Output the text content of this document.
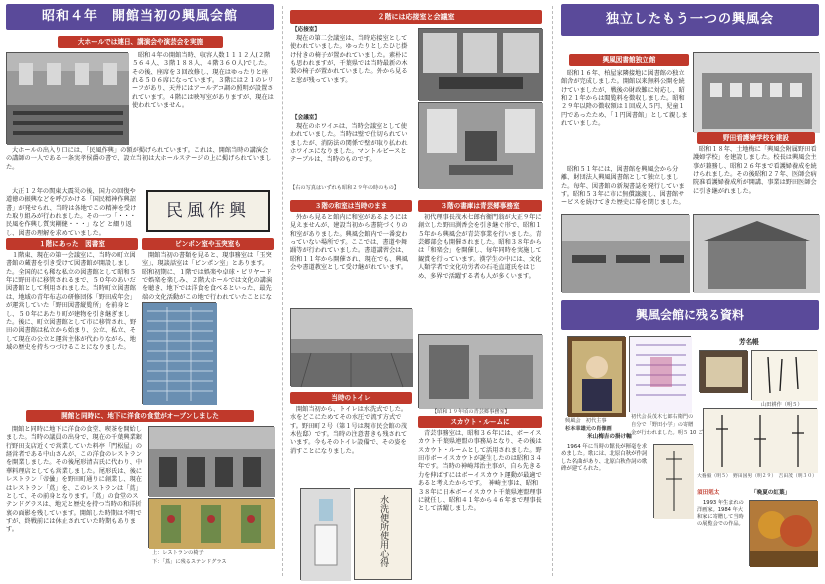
昭和４年　開館当初の興風会館
大ホールでは連日、講演会や演芸会を実施
昭和４年の開館当時、収容人数１１１２人(２階５６４人、３階１８８人、４階３６０人)でした。その後、座席を３回改修し、現在はゆったりと座れる５０６席になっています。３階には２１のレリーフがあり、天井にはアールデコ調の照明が設置されています。４階には映写室がありますが、現在は使われていません。
大ホールの出入り口には、「民風作興」の額が掲げられています。これは、開館当時の講演会の講師の一人である一条実孝侯爵の書で、設立当初は大ホールステージの上に掲げられていました。
大正１２年の関東大震災の後、国力の回復や道徳の振興などを呼びかける「国民精神作興詔書」が発せられ、当時は各地でこの精神を受けた取り組みが行われました。その一つ「・・・民風を作興し質実剛健・・・」など と綴り返し、図書の理解を求めていました。
民風作興
１階にあった　図書室	ピンポン室や玉突室も
１階東、現在の第一会議室に、当時の町立図書館の蔵書を引き受けて図書館が開設しました。全国的にも稀な私立の図書館として昭和５年に野田市に移管されるまで、５０年のあいだ図書館として利用されました。当時町立図書館は、地域の青年布志の研修団体「野田成年会」が運営していた「野田図書縦覧所」を前身とし、５０年にあたり町が建物を引き継ぎました。後に、町立図書館として市に移管され、野田の図書館は私立から始まり、公立、私立、そして現在の公立と運営主体が代わりながら、地域の歴史を持ちつづけることになりました。
開館当初の書類を見ると、現事務室は「玉突室」、現談話室は「ピンポン室」とあります。昭和初期に、１階では娯楽や卓球・ビリヤードで娯楽を楽しみ、２階大ホールでは文化の講演を聴き、地下では洋食を食べるといった、最先端の文化活動がこの地で行われていたことにな
開館と同時に、地下に洋食の食堂がオープンしました
開館と同時に地下に洋食の食堂、喫茶を開始しました。当時の議員の出身で、現在の千葉興業銀行野田支店近くで営業していた料亭「門松屋」の経営者である中山さんが、この洋食のレストランを開業しました。その後尾形清吉氏に代わり、中華料理店としても営業しました。尾形氏は、後にレストラン「帝曇」を野田町通りに創業し、現在はレストラン「蔦」を、このレストランは「蔦」として、その前身となります。「蔦」の食堂のステンドグラスは、地元と歴史を持つ当時の和洋折衷の面影を残しています。開館した時期は不明ですが、終戦前には休止されていた時期もあります。
上：レストランの椅子
下：「蔦」に残るステンドグラス
２階には応接室と会議室
【応接室】
現在の第二会議室は、当時応接室として使われていました。ゆったりとしたひじ掛け付きの椅子が置かれていました。素朴にも思われますが、千葉県では当時最新の木製の椅子が置かれていました。外から見ると窓が残っています。
【会議室】
現在のホワイエは、当時会議室として使われていました。当時は壁で仕切られていましたが、消防法の関係で壁が取り払われホワイエになりました。マントルピースとテーブルは、当時のものです。
【右の写真はいずれも昭和２９年の時のもの】
３階の和室は当時のまま	３階の書庫は青芸郷事務室
外から見ると館内に和室があるようには見えませんが、建設当初から書院づくりの和室がありました。興風会館内で一番変わっていない場所です。ここでは、書道や舞踊等が行われていました。書道講習会は、昭和１１年から開催され、現在でも、興風会や書道教室として受け継がれています。
初代理事長茂木七郎右衛門翁が大正９年に創立した野田渕香会を引き継ぐ形で、昭和１５年から興風会が青芸事業を行いました。青芸郷部会も開催されました。昭和３８年からは「和楽会」を開催し、毎年同時を実施して観賞を行っています。漢学生の中には、文化人類学者で文化功労者の石毛直道氏をはじめ、多界で活躍する者も人が多くいます。
【昭和１９年頃の青芸郷事務室】
当時のトイレ
開館当初から、トイレは水洗式でした。水をどこにためてその水圧で流す方式です。野田町２号（第１号は現市民会館の茂木佐邸）です。当時の注意書きも残されています。今もそのトイレ設備で、その姿を消すことになりました。
水洗便所使用心得
スカウト・ルームに
青芸事務室は、昭和３６年には、ボーイスカウト千葉県連盟の事務局となり、その後はスカウト・ルームとして活用されました。野田市ボーイスカウトが誕生したのは昭和３４年です。当時の神崎邦治主事が、自ら先きる力を伸ばすにはボーイスカウト運動が最適であると考えたからです。　神崎主事は、昭和３８年に日本ボーイスカウト千葉県連盟理事に就任し、昭和４１年から４６年まで理事長として活躍しました。
独立したもう一つの興風会
興風図書館独立館
昭和１６年、柏屋家隣接地に図書館の独立館舎が完成しました。開館以来無料公開を続けていましたが、戦後の財政難に対応し、昭和２１年からは閲覧料を徴収しました。昭和２９年以降の徴収額は１回成人５円、児童１円であったため、「１円図書館」として親しまれていました。
野田看護婦学校を建設
昭和５１年には、図書館を興風会から分離、財団法人興風図書館として独立しました。毎年、図書館の新規書誌を発行しています。昭和５３年に市に無償譲渡し、図書館サービスを続けてきた歴史に幕を閉じました。
昭和１８年、土地梅に「興風会附属野田看護婦学校」を建設しました。校長は興風会主事が兼務し、昭和２６年まで看護婦養成を続けられました。その後昭和２７年、医師会病院准看護婦養成所が開講、事業は野田医師会に引き継がれました。
興風会館に残る資料
興風会　初代主事
杉本幸雄元の肖像画
初代会長茂木七郎右衛門の
自分で「野田小学」の寄贈
金が行われました。明５ 10 ご
芳名帳
山田耕作（明５）
米山梅吉の掛け軸
1964 年に当時の館長が揮毫を求めました。歌には、北原白秋が作詞した名曲があり、北原白秋作詞の歌碑が建てられた。
大養毅（明５）　野田国男（明２９）　吉田茂（明３０）
須田剋太	「晩夏の紅葉」
1993 年生まれの洋画家。1984 年大和家に寄贈して当時の展覧会での作品。
